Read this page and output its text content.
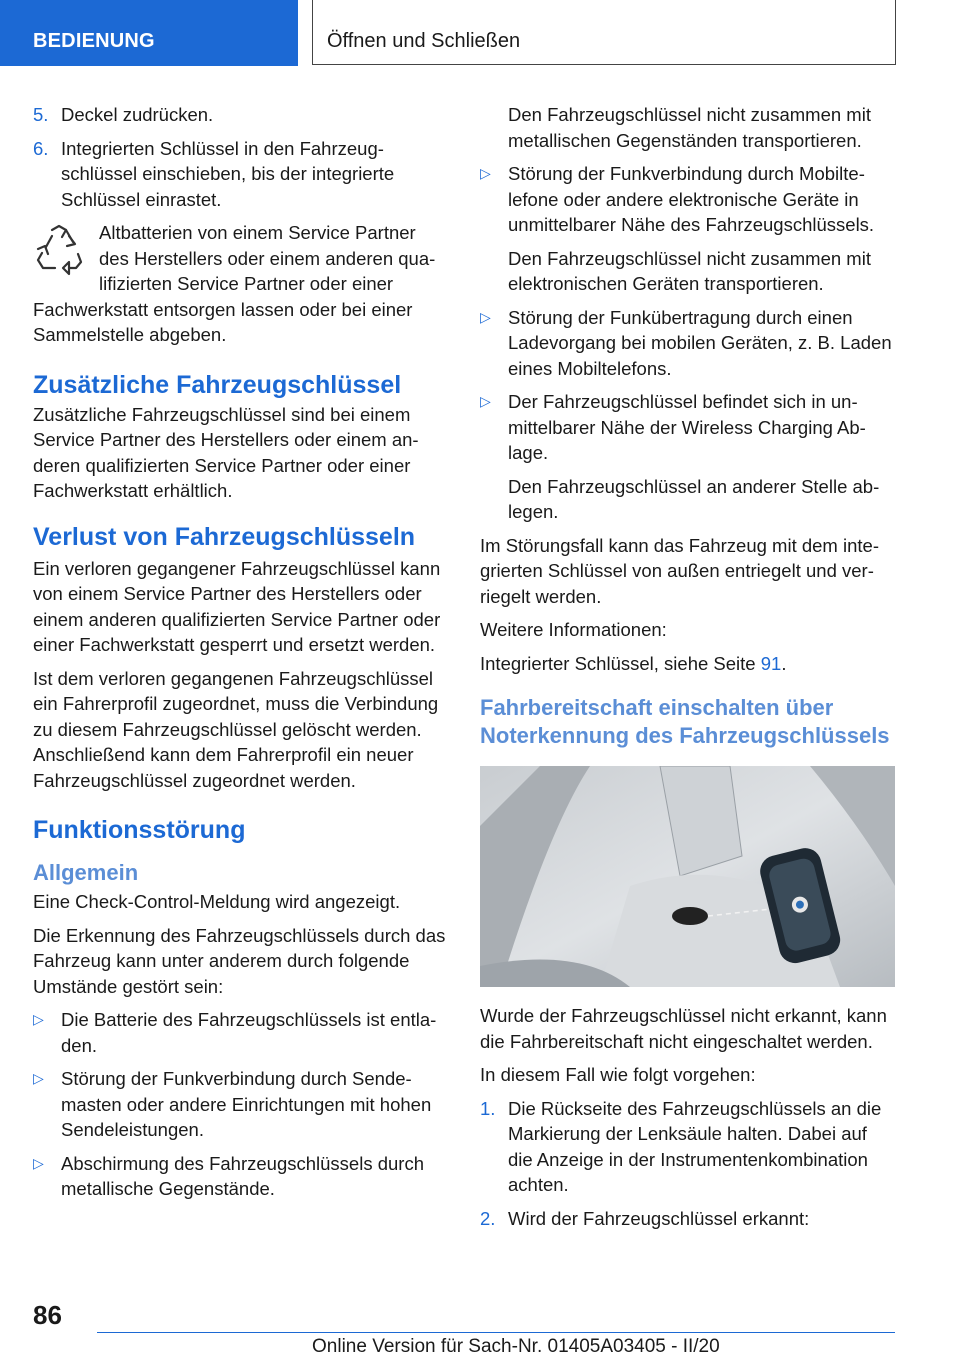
BEDIENUNG	Öffnen und Schließen
5. Deckel zudrücken.
6. Integrierten Schlüssel in den Fahrzeugschlüssel einschieben, bis der integrierte Schlüssel einrastet.
Altbatterien von einem Service Partner des Herstellers oder einem anderen qualifizierten Service Partner oder einer Fachwerkstatt entsorgen lassen oder bei einer Sammelstelle abgeben.
Zusätzliche Fahrzeugschlüssel

Zusätzliche Fahrzeugschlüssel sind bei einem Service Partner des Herstellers oder einem anderen qualifizierten Service Partner oder einer Fachwerkstatt erhältlich.

Verlust von Fahrzeugschlüsseln

Ein verloren gegangener Fahrzeugschlüssel kann von einem Service Partner des Herstellers oder einem anderen qualifizierten Service Partner oder einer Fachwerkstatt gesperrt und ersetzt werden.

Ist dem verloren gegangenen Fahrzeugschlüssel ein Fahrerprofil zugeordnet, muss die Verbindung zu diesem Fahrzeugschlüssel gelöscht werden. Anschließend kann dem Fahrerprofil ein neuer Fahrzeugschlüssel zugeordnet werden.

Funktionsstörung
Allgemein

Eine Check-Control-Meldung wird angezeigt.

Die Erkennung des Fahrzeugschlüssels durch das Fahrzeug kann unter anderem durch folgende Umstände gestört sein:

▷ Die Batterie des Fahrzeugschlüssels ist entladen.
▷ Störung der Funkverbindung durch Sendemasten oder andere Einrichtungen mit hohen Sendeleistungen.
▷ Abschirmung des Fahrzeugschlüssels durch metallische Gegenstände.

Den Fahrzeugschlüssel nicht zusammen mit metallischen Gegenständen transportieren.

▷ Störung der Funkverbindung durch Mobiltelefone oder andere elektronische Geräte in unmittelbarer Nähe des Fahrzeugschlüssels.

Den Fahrzeugschlüssel nicht zusammen mit elektronischen Geräten transportieren.

▷ Störung der Funkübertragung durch einen Ladevorgang bei mobilen Geräten, z. B. Laden eines Mobiltelefons.
▷ Der Fahrzeugschlüssel befindet sich in unmittelbarer Nähe der Wireless Charging Ablage.

Den Fahrzeugschlüssel an anderer Stelle ablegen.

Im Störungsfall kann das Fahrzeug mit dem integrierten Schlüssel von außen entriegelt und verriegelt werden.

Weitere Informationen:

Integrierter Schlüssel, siehe Seite 91.

Fahrbereitschaft einschalten über Noterkennung des Fahrzeugschlüssels

Wurde der Fahrzeugschlüssel nicht erkannt, kann die Fahrbereitschaft nicht eingeschaltet werden.

In diesem Fall wie folgt vorgehen:

1. Die Rückseite des Fahrzeugschlüssels an die Markierung der Lenksäule halten. Dabei auf die Anzeige in der Instrumentenkombination achten.
2. Wird der Fahrzeugschlüssel erkannt:
86
Online Version für Sach-Nr. 01405A03405 - II/20
